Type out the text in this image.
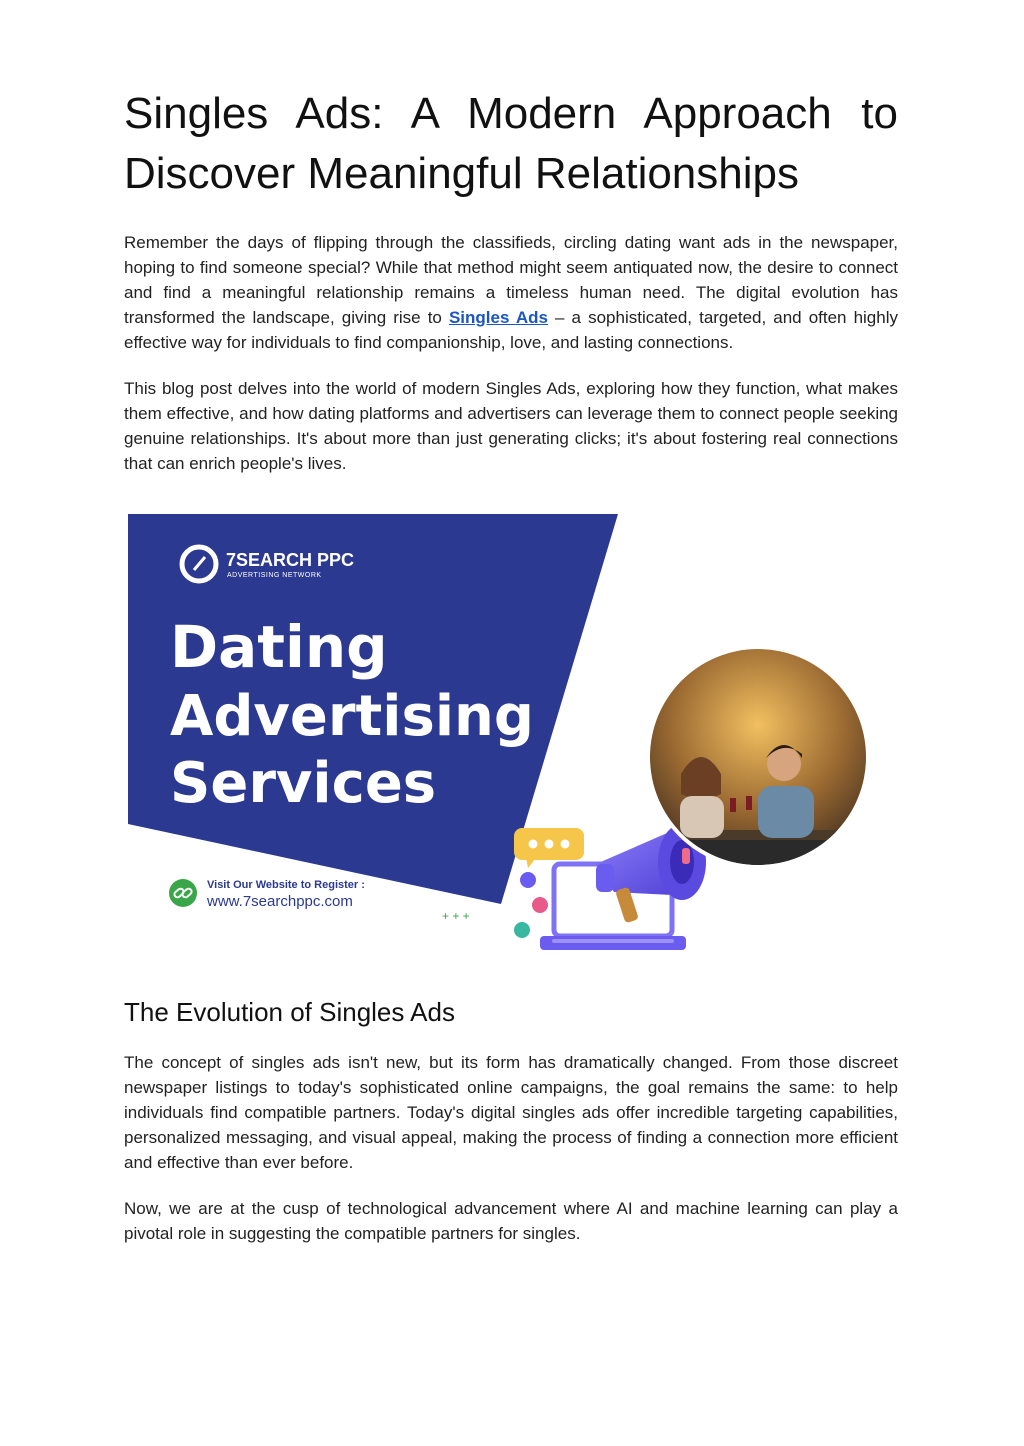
Singles Ads: A Modern Approach to Discover Meaningful Relationships

Remember the days of flipping through the classifieds, circling dating want ads in the newspaper, hoping to find someone special? While that method might seem antiquated now, the desire to connect and find a meaningful relationship remains a timeless human need. The digital evolution has transformed the landscape, giving rise to Singles Ads – a sophisticated, targeted, and often highly effective way for individuals to find companionship, love, and lasting connections.

This blog post delves into the world of modern Singles Ads, exploring how they function, what makes them effective, and how dating platforms and advertisers can leverage them to connect people seeking genuine relationships. It's about more than just generating clicks; it's about fostering real connections that can enrich people's lives.

7SEARCH PPC
ADVERTISING NETWORK
Dating
Advertising
Services
Visit Our Website to Register :
www.7searchppc.com
+ + +
The Evolution of Singles Ads

The concept of singles ads isn't new, but its form has dramatically changed. From those discreet newspaper listings to today's sophisticated online campaigns, the goal remains the same: to help individuals find compatible partners. Today's digital singles ads offer incredible targeting capabilities, personalized messaging, and visual appeal, making the process of finding a connection more efficient and effective than ever before.

Now, we are at the cusp of technological advancement where AI and machine learning can play a pivotal role in suggesting the compatible partners for singles.
